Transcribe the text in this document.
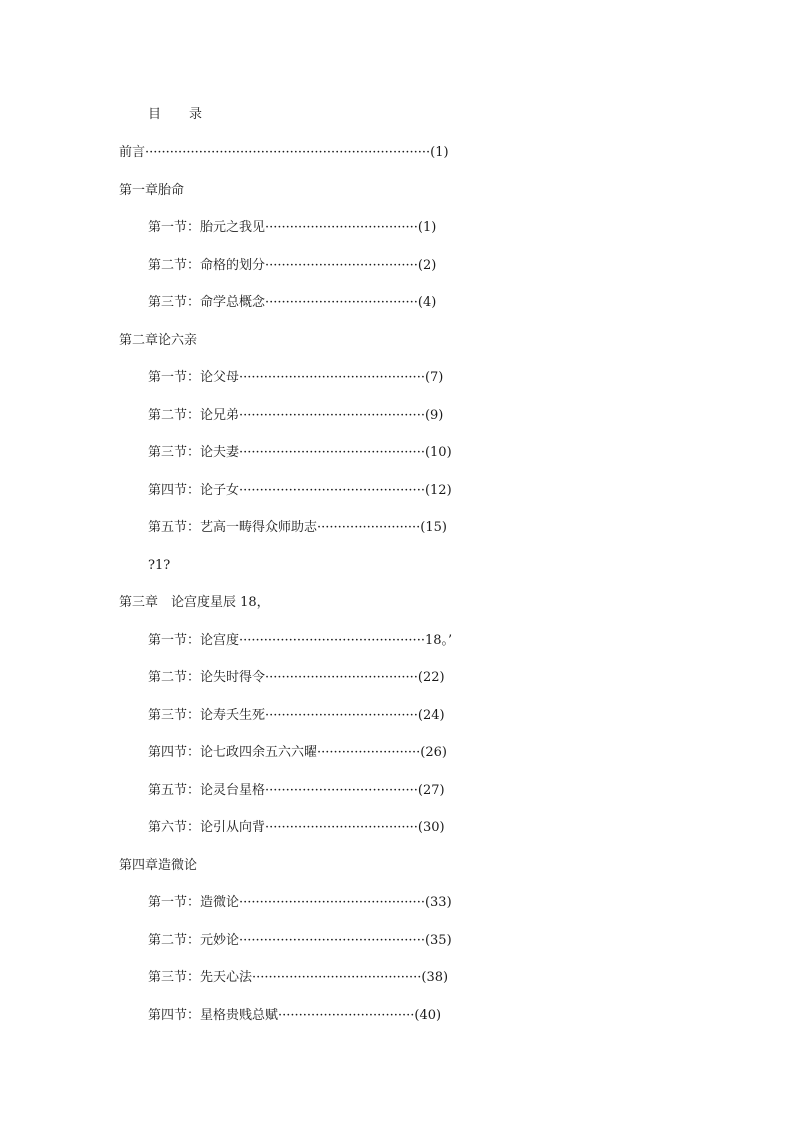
目 录
前言·····································································(1)
第一章胎命
第一节：胎元之我见·····································(1)
第二节：命格的划分·····································(2)
第三节：命学总概念·····································(4)
第二章论六亲
第一节：论父母·············································(7)
第二节：论兄弟·············································(9)
第三节：论夫妻·············································(10)
第四节：论子女·············································(12)
第五节：艺高一畴得众师助志·························(15)
?1?
第三章　论宫度星辰 18，
第一节：论宫度·············································18。’
第二节：论失时得令·····································(22)
第三节：论寿夭生死·····································(24)
第四节：论七政四余五六六曜·························(26)
第五节：论灵台星格·····································(27)
第六节：论引从向背·····································(30)
第四章造微论
第一节：造微论·············································(33)
第二节：元妙论·············································(35)
第三节：先天心法·········································(38)
第四节：星格贵贱总赋·································(40)
